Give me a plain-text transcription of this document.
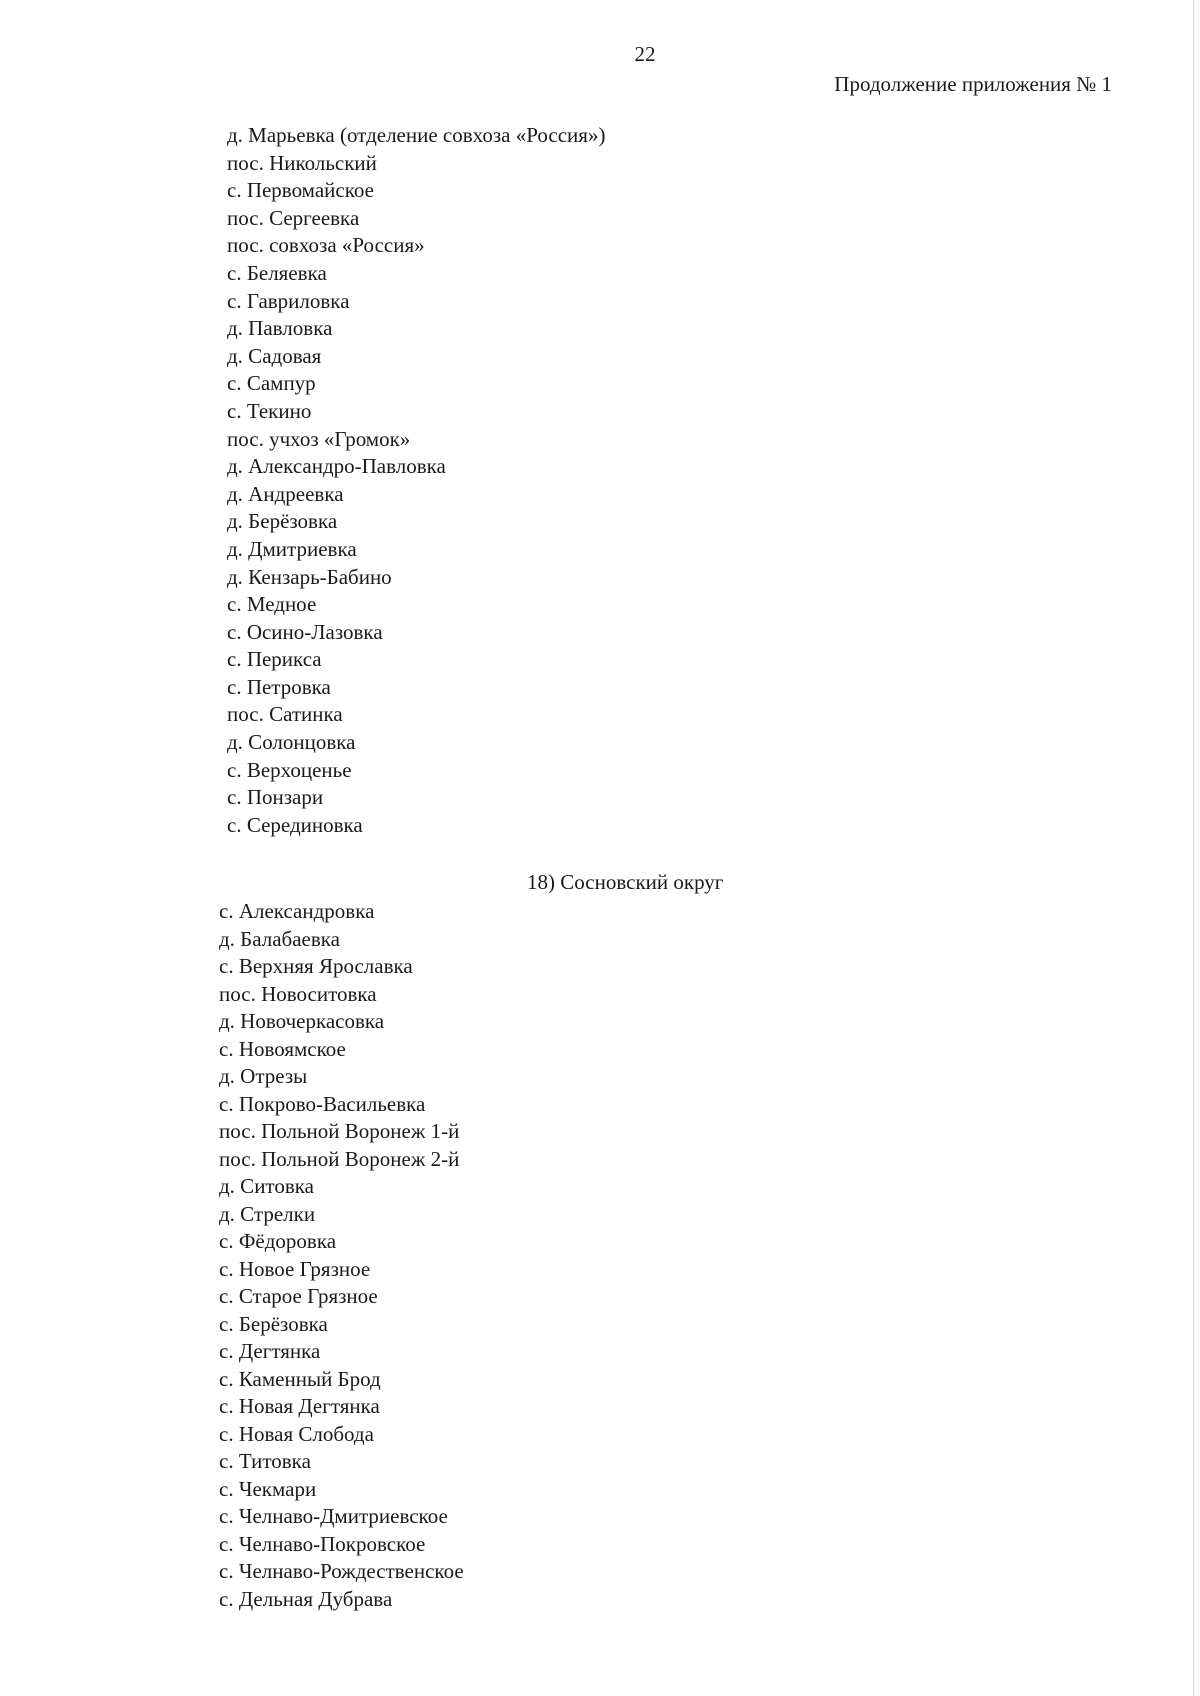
22
Продолжение приложения № 1
д. Марьевка (отделение совхоза «Россия»)
пос. Никольский
с. Первомайское
пос. Сергеевка
пос. совхоза «Россия»
с. Беляевка
с. Гавриловка
д. Павловка
д. Садовая
с. Сампур
с. Текино
пос. учхоз «Громок»
д. Александро-Павловка
д. Андреевка
д. Берёзовка
д. Дмитриевка
д. Кензарь-Бабино
с. Медное
с. Осино-Лазовка
с. Перикса
с. Петровка
пос. Сатинка
д. Солонцовка
с. Верхоценье
с. Понзари
с. Серединовка
18) Сосновский округ
с. Александровка
д. Балабаевка
с. Верхняя Ярославка
пос. Новоситовка
д. Новочеркасовка
с. Новоямское
д. Отрезы
с. Покрово-Васильевка
пос. Польной Воронеж 1-й
пос. Польной Воронеж 2-й
д. Ситовка
д. Стрелки
с. Фёдоровка
с. Новое Грязное
с. Старое Грязное
с. Берёзовка
с. Дегтянка
с. Каменный Брод
с. Новая Дегтянка
с. Новая Слобода
с. Титовка
с. Чекмари
с. Челнаво-Дмитриевское
с. Челнаво-Покровское
с. Челнаво-Рождественское
с. Дельная Дубрава
